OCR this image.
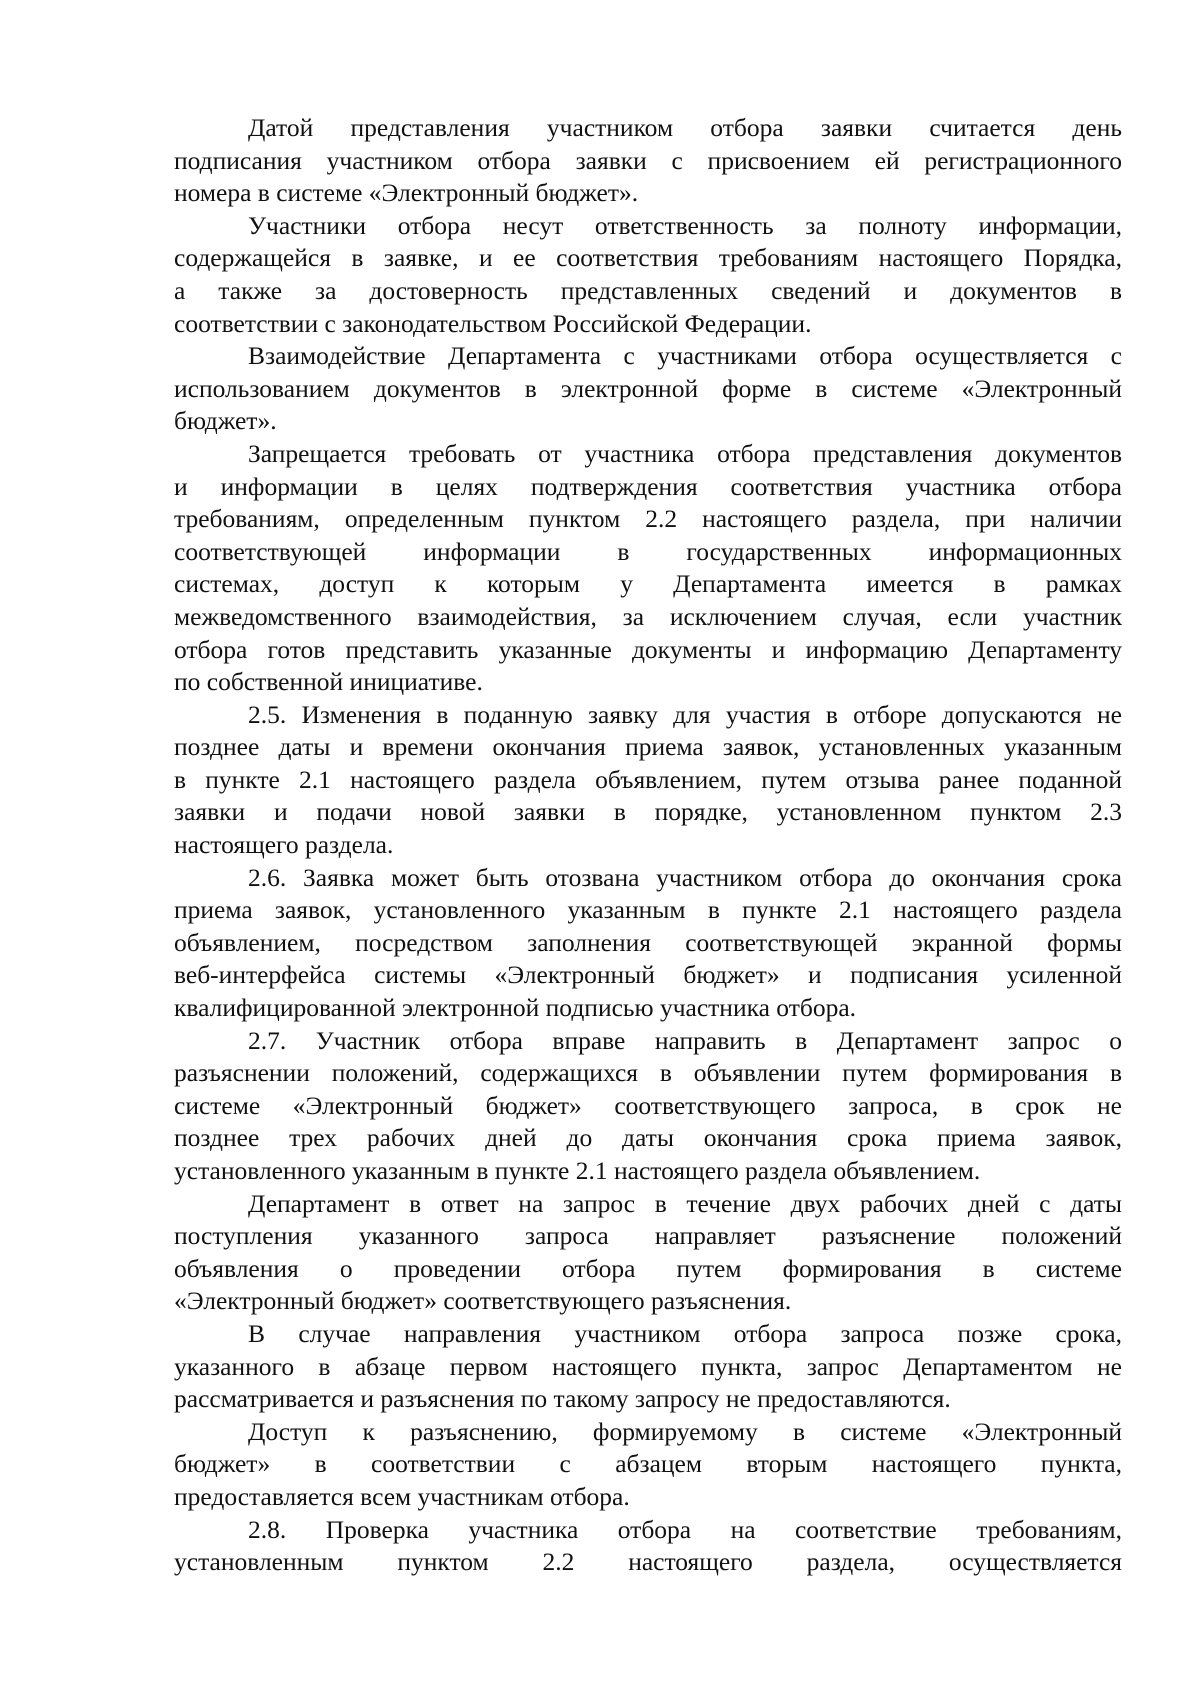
Датой представления участником отбора заявки считается день
подписания участником отбора заявки с присвоением ей регистрационного
номера в системе «Электронный бюджет».
Участники отбора несут ответственность за полноту информации,
содержащейся в заявке, и ее соответствия требованиям настоящего Порядка,
а также за достоверность представленных сведений и документов в
соответствии с законодательством Российской Федерации.
Взаимодействие Департамента с участниками отбора осуществляется с
использованием документов в электронной форме в системе «Электронный
бюджет».
Запрещается требовать от участника отбора представления документов
и информации в целях подтверждения соответствия участника отбора
требованиям, определенным пунктом 2.2 настоящего раздела, при наличии
соответствующей информации в государственных информационных
системах, доступ к которым у Департамента имеется в рамках
межведомственного взаимодействия, за исключением случая, если участник
отбора готов представить указанные документы и информацию Департаменту
по собственной инициативе.
2.5. Изменения в поданную заявку для участия в отборе допускаются не
позднее даты и времени окончания приема заявок, установленных указанным
в пункте 2.1 настоящего раздела объявлением, путем отзыва ранее поданной
заявки и подачи новой заявки в порядке, установленном пунктом 2.3
настоящего раздела.
2.6. Заявка может быть отозвана участником отбора до окончания срока
приема заявок, установленного указанным в пункте 2.1 настоящего раздела
объявлением, посредством заполнения соответствующей экранной формы
веб-интерфейса системы «Электронный бюджет» и подписания усиленной
квалифицированной электронной подписью участника отбора.
2.7. Участник отбора вправе направить в Департамент запрос о
разъяснении положений, содержащихся в объявлении путем формирования в
системе «Электронный бюджет» соответствующего запроса, в срок не
позднее трех рабочих дней до даты окончания срока приема заявок,
установленного указанным в пункте 2.1 настоящего раздела объявлением.
Департамент в ответ на запрос в течение двух рабочих дней с даты
поступления указанного запроса направляет разъяснение положений
объявления о проведении отбора путем формирования в системе
«Электронный бюджет» соответствующего разъяснения.
В случае направления участником отбора запроса позже срока,
указанного в абзаце первом настоящего пункта, запрос Департаментом не
рассматривается и разъяснения по такому запросу не предоставляются.
Доступ к разъяснению, формируемому в системе «Электронный
бюджет» в соответствии с абзацем вторым настоящего пункта,
предоставляется всем участникам отбора.
2.8. Проверка участника отбора на соответствие требованиям,
установленным пунктом 2.2 настоящего раздела, осуществляется
